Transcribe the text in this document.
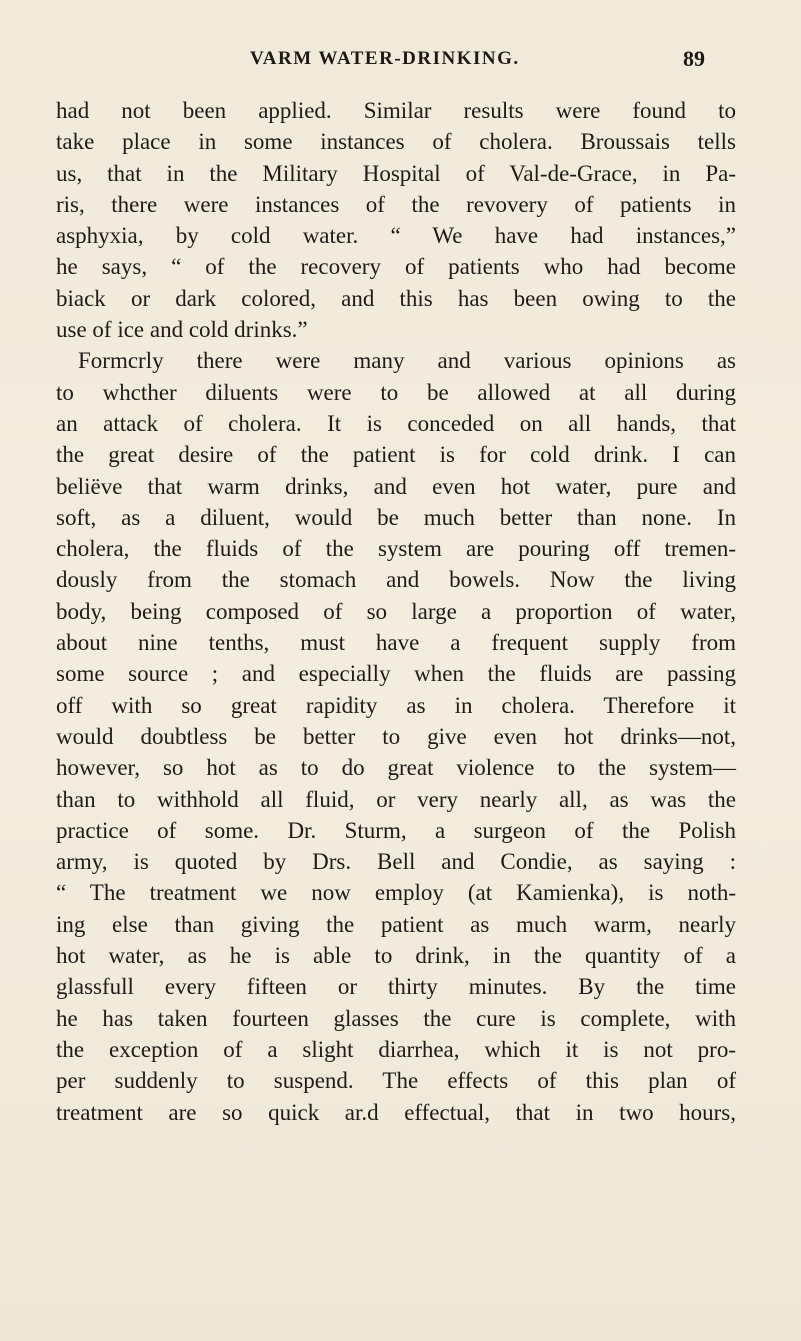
VARM WATER-DRINKING.	89
had not been applied. Similar results were found to
take place in some instances of cholera. Broussais tells
us, that in the Military Hospital of Val-de-Grace, in Pa-
ris, there were instances of the revovery of patients in
asphyxia, by cold water. “ We have had instances,”
he says, “ of the recovery of patients who had become
biack or dark colored, and this has been owing to the
use of ice and cold drinks.”
Formcrly there were many and various opinions as
to whcther diluents were to be allowed at all during
an attack of cholera. It is conceded on all hands, that
the great desire of the patient is for cold drink. I can
beliëve that warm drinks, and even hot water, pure and
soft, as a diluent, would be much better than none. In
cholera, the fluids of the system are pouring off tremen-
dously from the stomach and bowels. Now the living
body, being composed of so large a proportion of water,
about nine tenths, must have a frequent supply from
some source ; and especially when the fluids are passing
off with so great rapidity as in cholera. Therefore it
would doubtless be better to give even hot drinks—not,
however, so hot as to do great violence to the system—
than to withhold all fluid, or very nearly all, as was the
practice of some. Dr. Sturm, a surgeon of the Polish
army, is quoted by Drs. Bell and Condie, as saying :
“ The treatment we now employ (at Kamienka), is noth-
ing else than giving the patient as much warm, nearly
hot water, as he is able to drink, in the quantity of a
glassfull every fifteen or thirty minutes. By the time
he has taken fourteen glasses the cure is complete, with
the exception of a slight diarrhea, which it is not pro-
per suddenly to suspend. The effects of this plan of
treatment are so quick ar.d effectual, that in two hours,
